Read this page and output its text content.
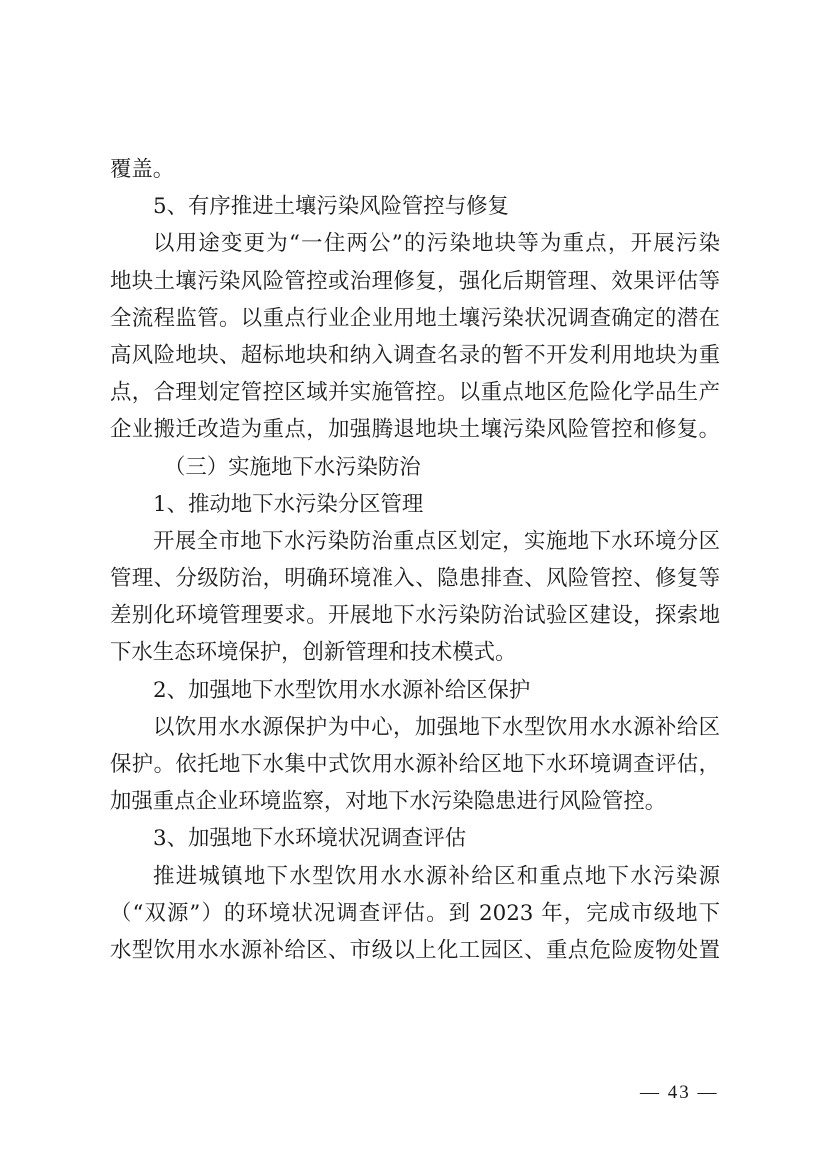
覆盖。
5、有序推进土壤污染风险管控与修复
以用途变更为“一住两公”的污染地块等为重点，开展污染
地块土壤污染风险管控或治理修复，强化后期管理、效果评估等
全流程监管。以重点行业企业用地土壤污染状况调查确定的潜在
高风险地块、超标地块和纳入调查名录的暂不开发利用地块为重
点，合理划定管控区域并实施管控。以重点地区危险化学品生产
企业搬迁改造为重点，加强腾退地块土壤污染风险管控和修复。
（三）实施地下水污染防治
1、推动地下水污染分区管理
开展全市地下水污染防治重点区划定，实施地下水环境分区
管理、分级防治，明确环境准入、隐患排查、风险管控、修复等
差别化环境管理要求。开展地下水污染防治试验区建设，探索地
下水生态环境保护，创新管理和技术模式。
2、加强地下水型饮用水水源补给区保护
以饮用水水源保护为中心，加强地下水型饮用水水源补给区
保护。依托地下水集中式饮用水源补给区地下水环境调查评估，
加强重点企业环境监察，对地下水污染隐患进行风险管控。
3、加强地下水环境状况调查评估
推进城镇地下水型饮用水水源补给区和重点地下水污染源
（“双源”）的环境状况调查评估。到 2023 年，完成市级地下
水型饮用水水源补给区、市级以上化工园区、重点危险废物处置
— 43 —
